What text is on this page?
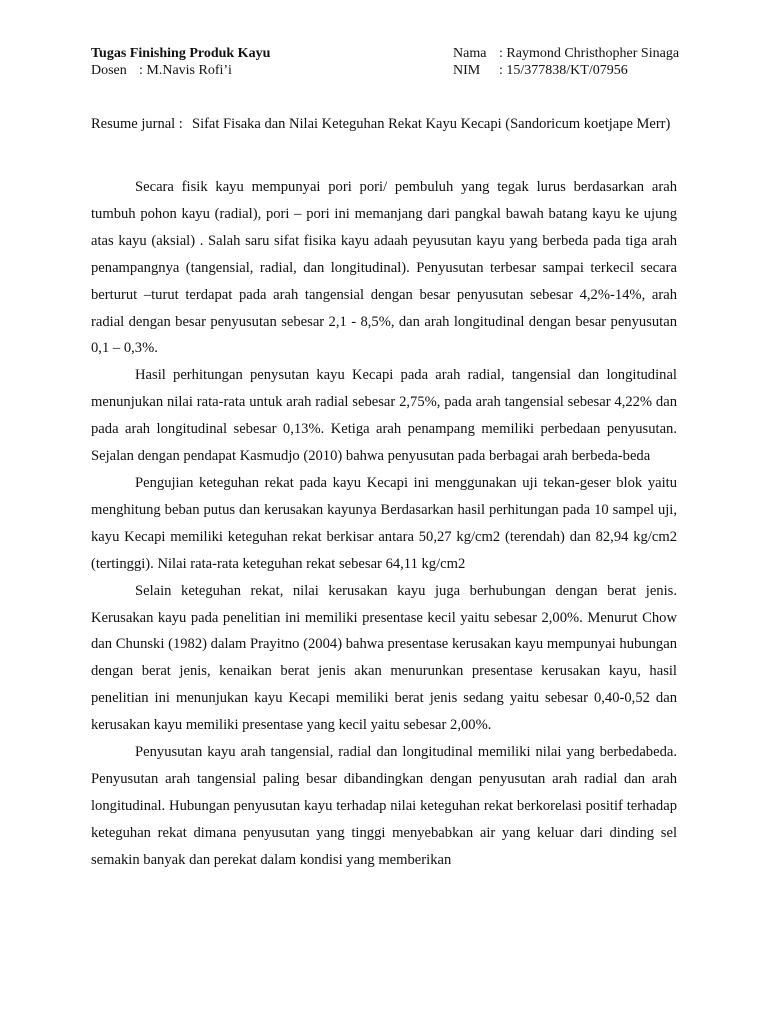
Tugas Finishing Produk Kayu
Dosen : M.Navis Rofi’i
Nama : Raymond Christhopher Sinaga
NIM : 15/377838/KT/07956
Resume jurnal : Sifat Fisaka dan Nilai Keteguhan Rekat Kayu Kecapi (Sandoricum koetjape Merr)

Secara fisik kayu mempunyai pori pori/ pembuluh yang tegak lurus berdasarkan arah tumbuh pohon kayu (radial), pori – pori ini memanjang dari pangkal bawah batang kayu ke ujung atas kayu (aksial) . Salah saru sifat fisika kayu adaah peyusutan kayu yang berbeda pada tiga arah penampangnya (tangensial, radial, dan longitudinal). Penyusutan terbesar sampai terkecil secara berturut –turut terdapat pada arah tangensial dengan besar penyusutan sebesar 4,2%-14%, arah radial dengan besar penyusutan sebesar 2,1 - 8,5%, dan arah longitudinal dengan besar penyusutan 0,1 – 0,3%.

Hasil perhitungan penysutan kayu Kecapi pada arah radial, tangensial dan longitudinal menunjukan nilai rata-rata untuk arah radial sebesar 2,75%, pada arah tangensial sebesar 4,22% dan pada arah longitudinal sebesar 0,13%. Ketiga arah penampang memiliki perbedaan penyusutan. Sejalan dengan pendapat Kasmudjo (2010) bahwa penyusutan pada berbagai arah berbeda-beda

Pengujian keteguhan rekat pada kayu Kecapi ini menggunakan uji tekan-geser blok yaitu menghitung beban putus dan kerusakan kayunya Berdasarkan hasil perhitungan pada 10 sampel uji, kayu Kecapi memiliki keteguhan rekat berkisar antara 50,27 kg/cm2 (terendah) dan 82,94 kg/cm2 (tertinggi). Nilai rata-rata keteguhan rekat sebesar 64,11 kg/cm2

Selain keteguhan rekat, nilai kerusakan kayu juga berhubungan dengan berat jenis. Kerusakan kayu pada penelitian ini memiliki presentase kecil yaitu sebesar 2,00%. Menurut Chow dan Chunski (1982) dalam Prayitno (2004) bahwa presentase kerusakan kayu mempunyai hubungan dengan berat jenis, kenaikan berat jenis akan menurunkan presentase kerusakan kayu, hasil penelitian ini menunjukan kayu Kecapi memiliki berat jenis sedang yaitu sebesar 0,40-0,52 dan kerusakan kayu memiliki presentase yang kecil yaitu sebesar 2,00%.

Penyusutan kayu arah tangensial, radial dan longitudinal memiliki nilai yang berbedabeda. Penyusutan arah tangensial paling besar dibandingkan dengan penyusutan arah radial dan arah longitudinal. Hubungan penyusutan kayu terhadap nilai keteguhan rekat berkorelasi positif terhadap keteguhan rekat dimana penyusutan yang tinggi menyebabkan air yang keluar dari dinding sel semakin banyak dan perekat dalam kondisi yang memberikan
